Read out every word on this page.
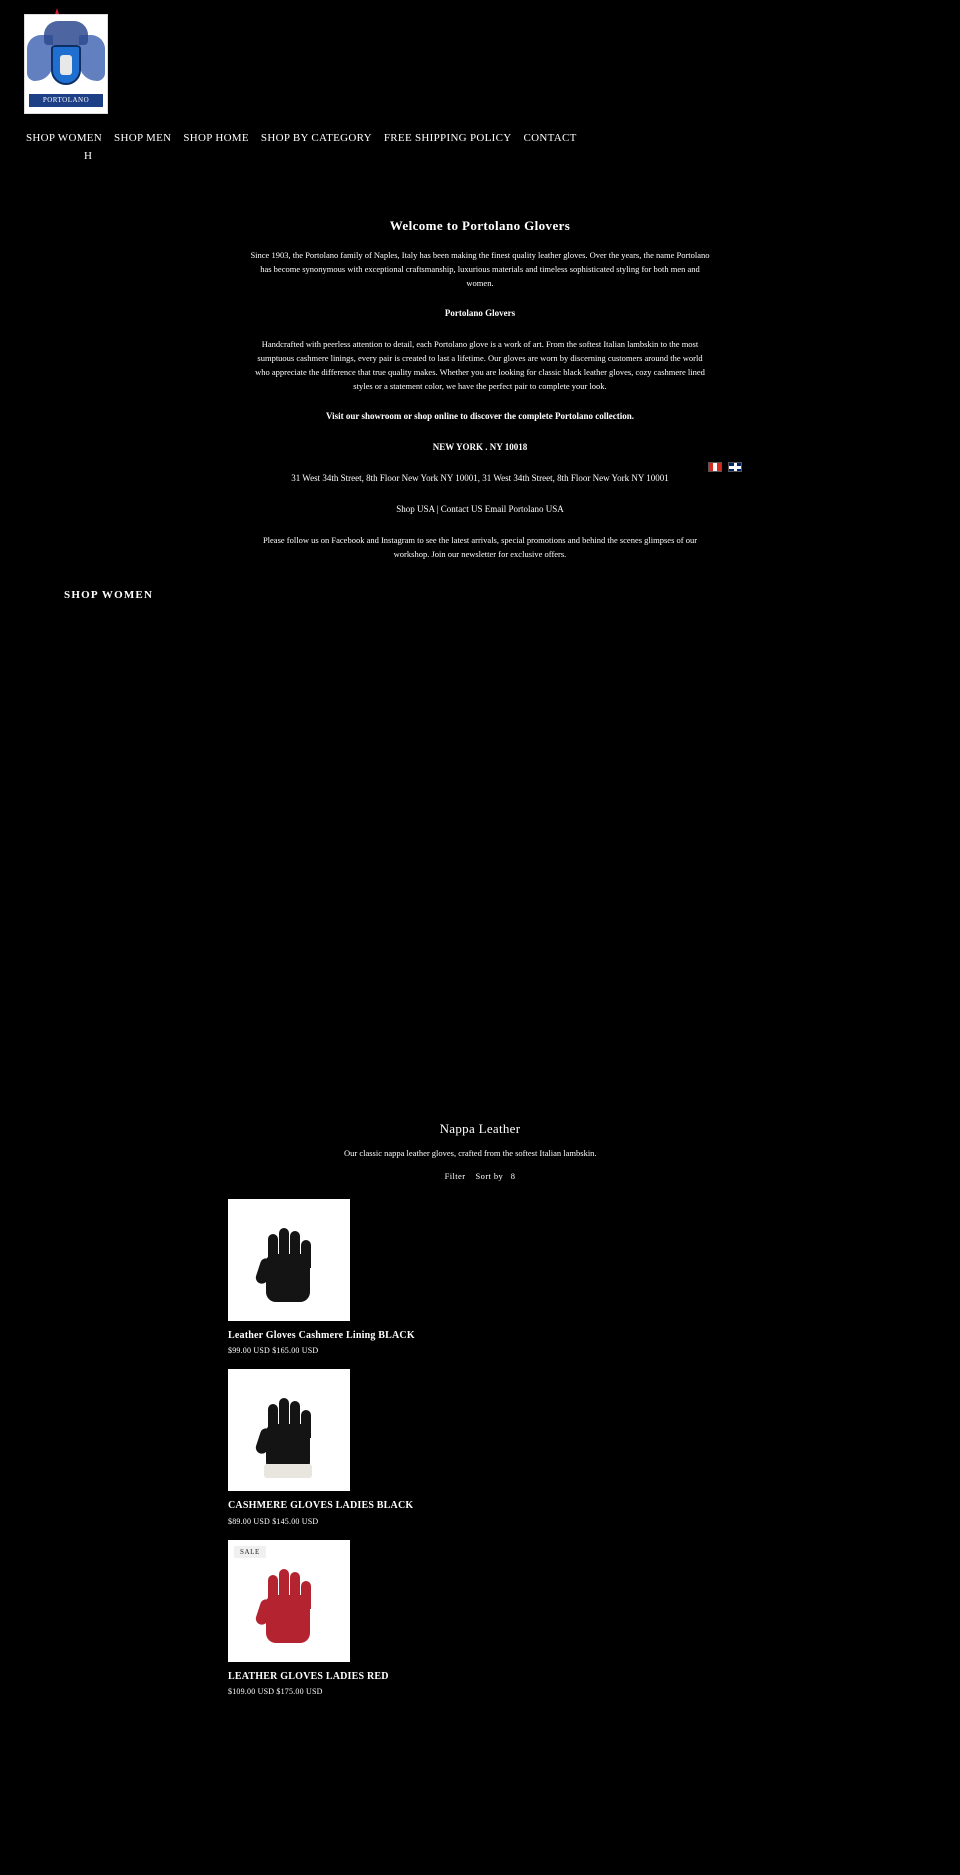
PORTOLANO
SHOP WOMEN	SHOP MEN	SHOP HOME	SHOP BY CATEGORY	FREE SHIPPING POLICY	CONTACT
H
Welcome to Portolano Glovers

Since 1903, the Portolano family of Naples, Italy has been making the finest quality leather gloves. Over the years, the name Portolano has become synonymous with exceptional craftsmanship, luxurious materials and timeless sophisticated styling for both men and women.

Portolano Glovers

Handcrafted with peerless attention to detail, each Portolano glove is a work of art. From the softest Italian lambskin to the most sumptuous cashmere linings, every pair is created to last a lifetime. Our gloves are worn by discerning customers around the world who appreciate the difference that true quality makes. Whether you are looking for classic black leather gloves, cozy cashmere lined styles or a statement color, we have the perfect pair to complete your look.

Visit our showroom or shop online to discover the complete Portolano collection.

NEW YORK . NY 10018

31 West 34th Street, 8th Floor New York NY 10001, 31 West 34th Street, 8th Floor New York NY 10001

Shop USA | Contact US Email Portolano USA

Please follow us on Facebook and Instagram to see the latest arrivals, special promotions and behind the scenes glimpses of our workshop. Join our newsletter for exclusive offers.

SHOP WOMEN
Nappa Leather
Our classic nappa leather gloves, crafted from the softest Italian lambskin.
Filter Sort by 8
Leather Gloves Cashmere Lining BLACK
$99.00 USD $165.00 USD
CASHMERE GLOVES LADIES BLACK
$89.00 USD $145.00 USD
SALE
LEATHER GLOVES LADIES RED
$109.00 USD $175.00 USD
